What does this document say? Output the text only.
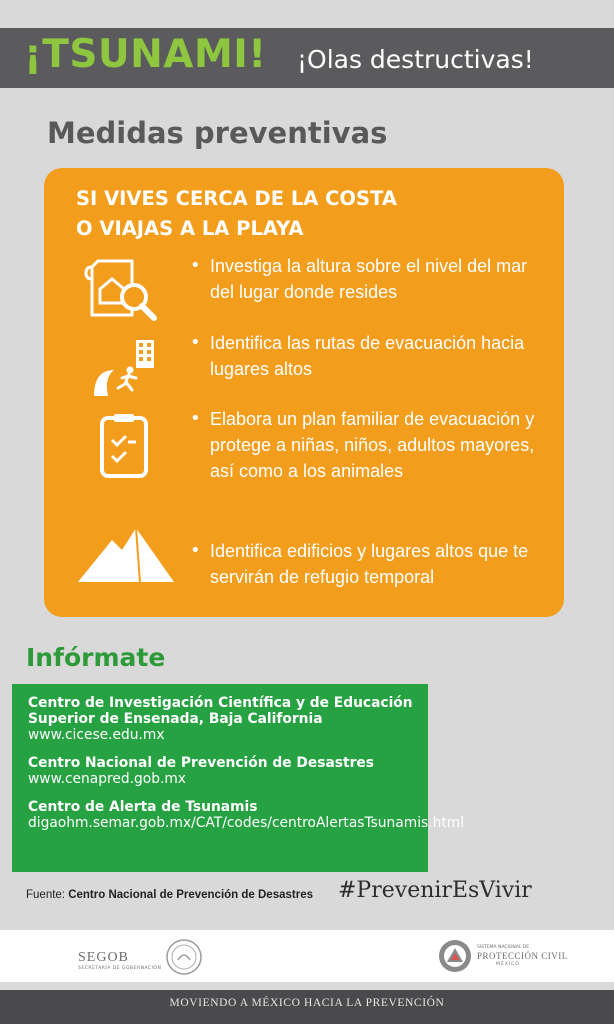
¡TSUNAMI! ¡Olas destructivas!
Medidas preventivas
SI VIVES CERCA DE LA COSTA
O VIAJAS A LA PLAYA
• Investiga la altura sobre el nivel del mar del lugar donde resides
• Identifica las rutas de evacuación hacia lugares altos
• Elabora un plan familiar de evacuación y protege a niñas, niños, adultos mayores, así como a los animales
• Identifica edificios y lugares altos que te servirán de refugio temporal
Infórmate
Centro de Investigación Científica y de Educación Superior de Ensenada, Baja California
www.cicese.edu.mx
Centro Nacional de Prevención de Desastres
www.cenapred.gob.mx
Centro de Alerta de Tsunamis
digaohm.semar.gob.mx/CAT/codes/centroAlertasTsunamis.html
Fuente: Centro Nacional de Prevención de Desastres #PrevenirEsVivir
SEGOB
SECRETARÍA DE GOBERNACIÓN
SISTEMA NACIONAL DE
PROTECCIÓN CIVIL
MÉXICO
MOVIENDO A MÉXICO HACIA LA PREVENCIÓN
